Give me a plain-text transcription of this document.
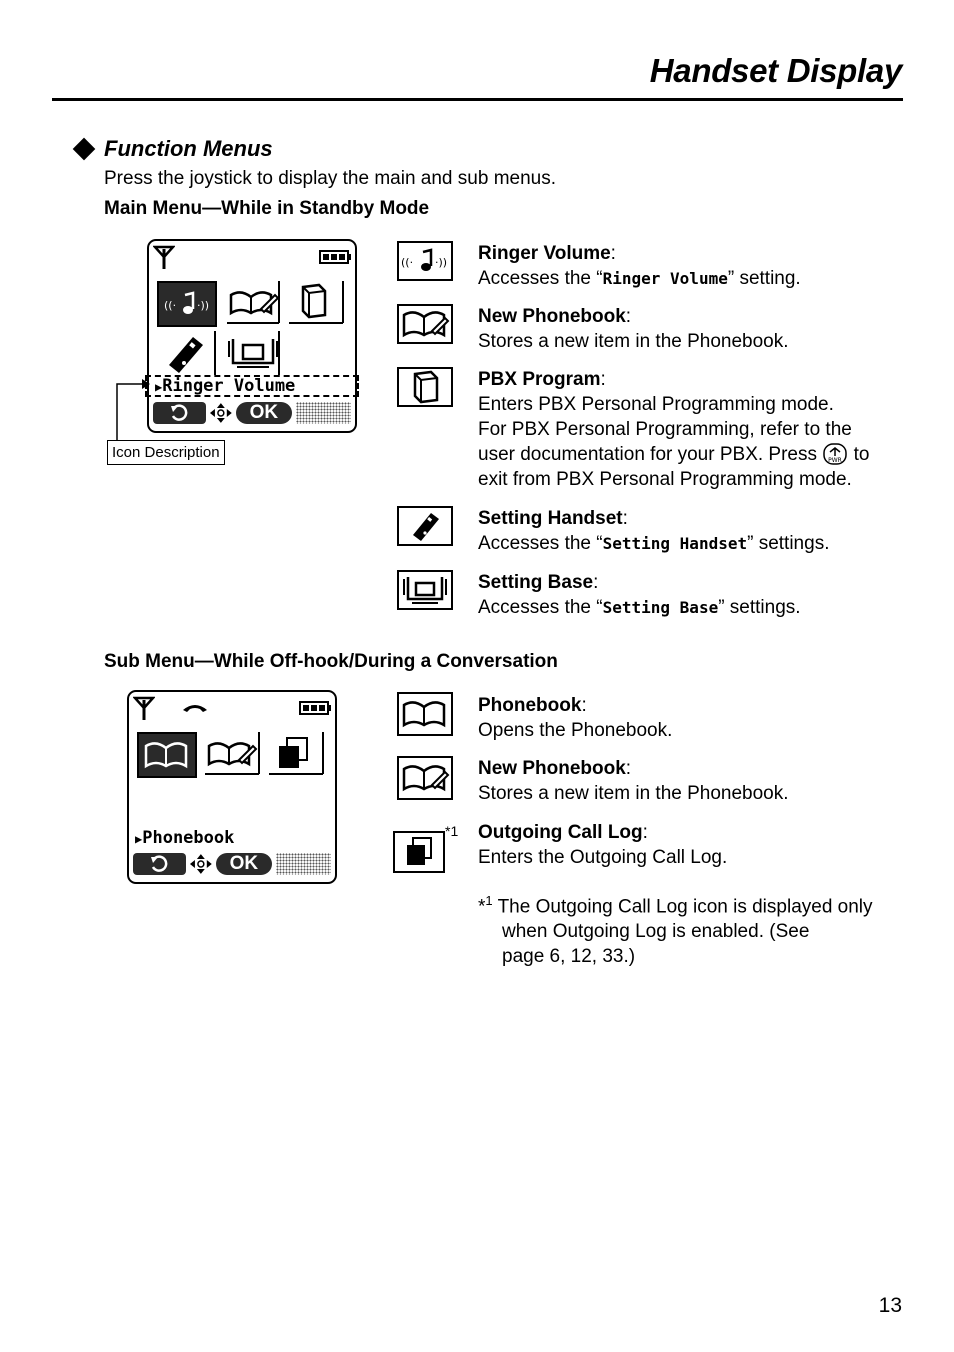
Handset Display
Function Menus
Press the joystick to display the main and sub menus.
Main Menu—While in Standby Mode
((· ·))
▶Ringer Volume
OK
Icon Description
((· ·)) Ringer Volume:
Accesses the “Ringer Volume” setting.
New Phonebook:
Stores a new item in the Phonebook.
PBX Program:
Enters PBX Personal Programming mode.
For PBX Personal Programming, refer to the
user documentation for your PBX. Press PWR to
exit from PBX Personal Programming mode.
Setting Handset:
Accesses the “Setting Handset” settings.
Setting Base:
Accesses the “Setting Base” settings.
Sub Menu—While Off-hook/During a Conversation
▶Phonebook
OK
Phonebook:
Opens the Phonebook.
New Phonebook:
Stores a new item in the Phonebook.
*1 Outgoing Call Log:
Enters the Outgoing Call Log.
*$^1$ The Outgoing Call Log icon is displayed only
when Outgoing Log is enabled. (See
page 6, 12, 33.)
13
